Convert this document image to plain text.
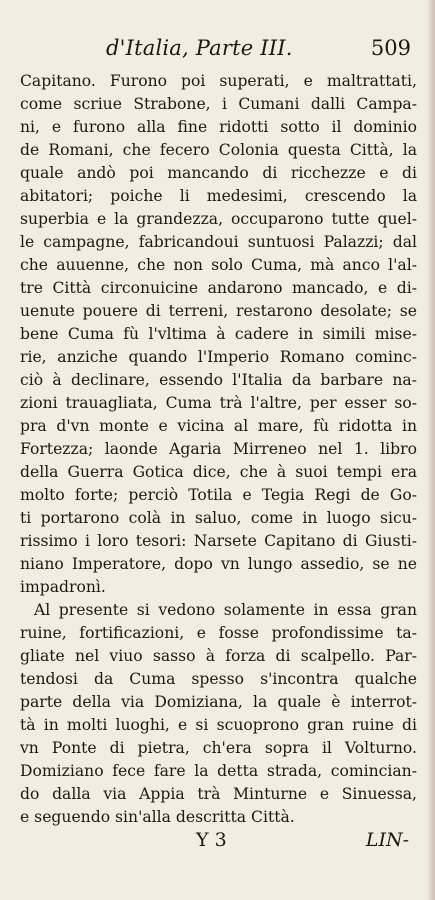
d'Italia, Parte III.	509
Capitano. Furono poi superati, e maltrattati,
come scriue Strabone, i Cumani dalli Campa-
ni, e furono alla fine ridotti sotto il dominio
de Romani, che fecero Colonia questa Città, la
quale andò poi mancando di ricchezze e di
abitatori; poiche li medesimi, crescendo la
superbia e la grandezza, occuparono tutte quel-
le campagne, fabricandoui suntuosi Palazzi; dal
che auuenne, che non solo Cuma, mà anco l'al-
tre Città circonuicine andarono mancado, e di-
uenute pouere di terreni, restarono desolate; se
bene Cuma fù l'vltima à cadere in simili mise-
rie, anziche quando l'Imperio Romano cominc-
ciò à declinare, essendo l'Italia da barbare na-
zioni trauagliata, Cuma trà l'altre, per esser so-
pra d'vn monte e vicina al mare, fù ridotta in
Fortezza; laonde Agaria Mirreneo nel 1. libro
della Guerra Gotica dice, che à suoi tempi era
molto forte; perciò Totila e Tegia Regi de Go-
ti portarono colà in saluo, come in luogo sicu-
rissimo i loro tesori: Narsete Capitano di Giusti-
niano Imperatore, dopo vn lungo assedio, se ne
impadronì.
Al presente si vedono solamente in essa gran
ruine, fortificazioni, e fosse profondissime ta-
gliate nel viuo sasso à forza di scalpello. Par-
tendosi da Cuma spesso s'incontra qualche
parte della via Domiziana, la quale è interrot-
tà in molti luoghi, e si scuoprono gran ruine di
vn Ponte di pietra, ch'era sopra il Volturno.
Domiziano fece fare la detta strada, comincian-
do dalla via Appia trà Minturne e Sinuessa,
e seguendo sin'alla descritta Città.
Y 3	LIN-
